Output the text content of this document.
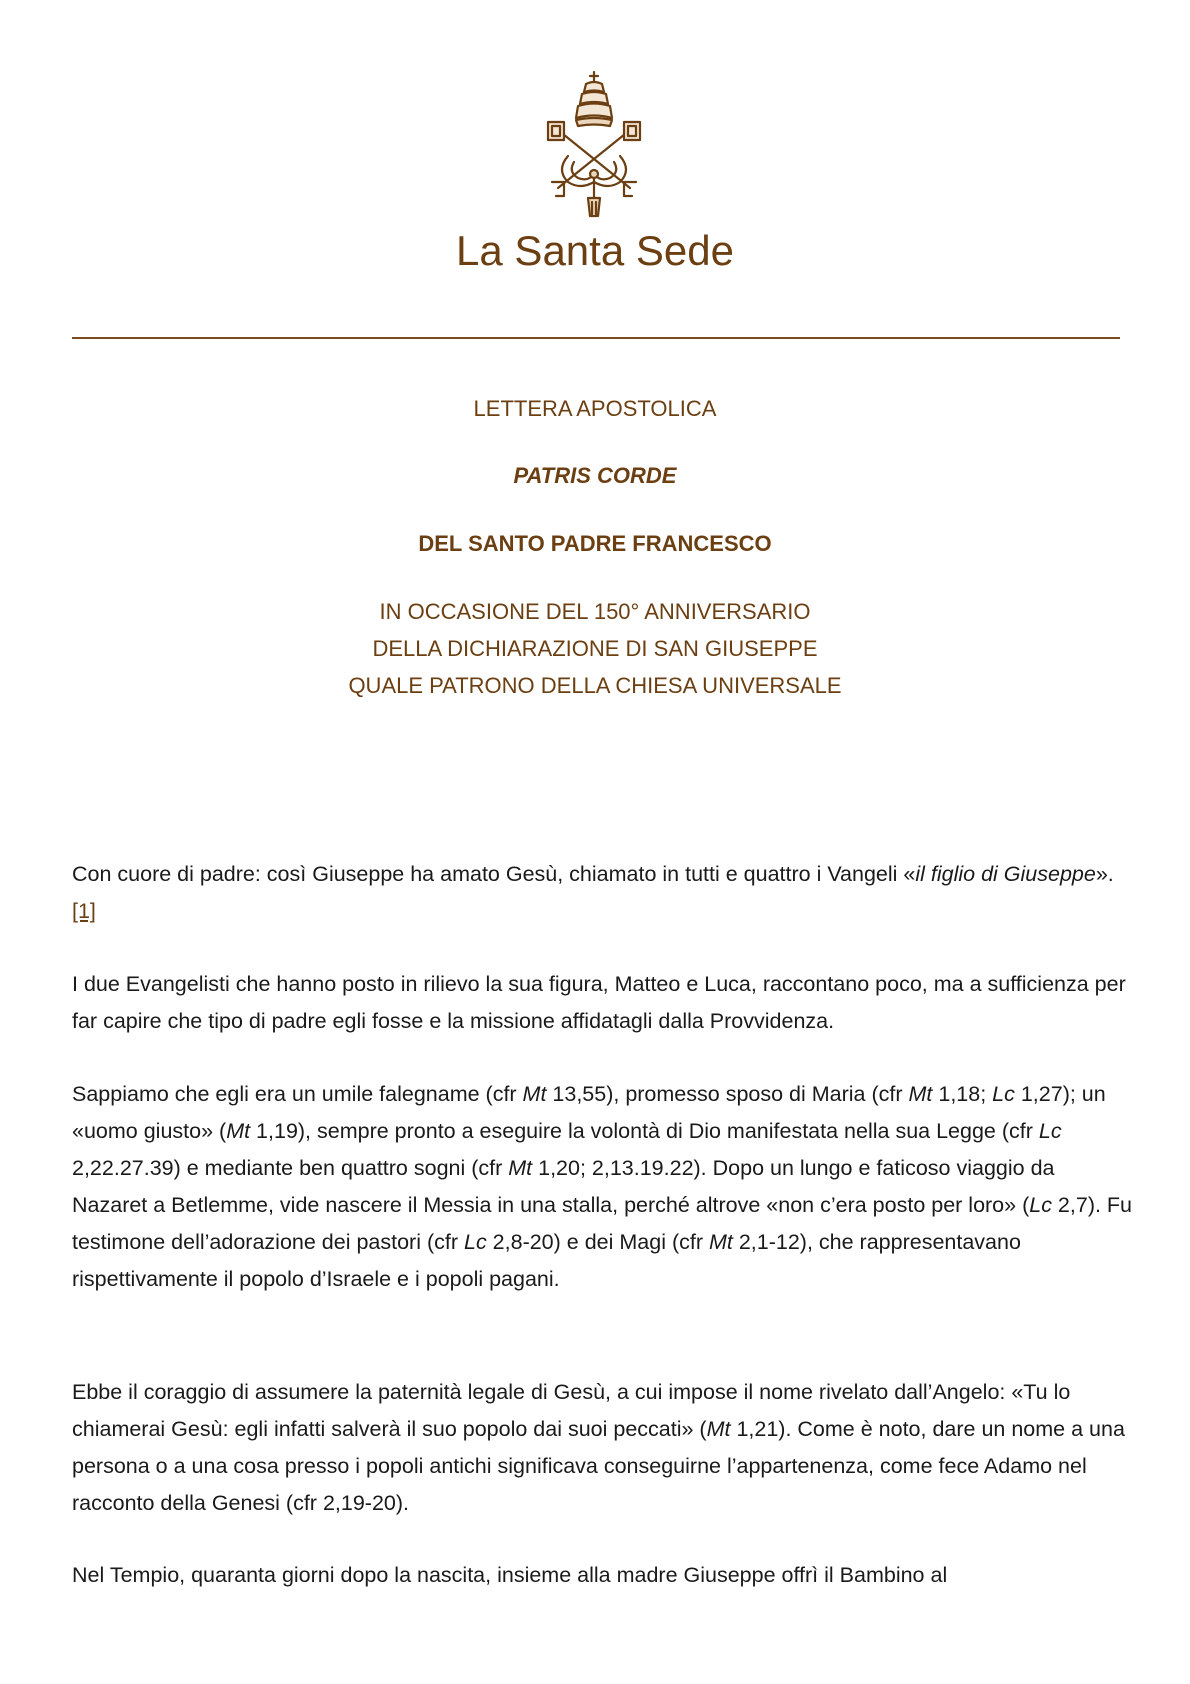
La Santa Sede

LETTERA APOSTOLICA

PATRIS CORDE

DEL SANTO PADRE FRANCESCO

IN OCCASIONE DEL 150° ANNIVERSARIO

DELLA DICHIARAZIONE DI SAN GIUSEPPE

QUALE PATRONO DELLA CHIESA UNIVERSALE

Con cuore di padre: così Giuseppe ha amato Gesù, chiamato in tutti e quattro i Vangeli «il figlio di Giuseppe».[1]

I due Evangelisti che hanno posto in rilievo la sua figura, Matteo e Luca, raccontano poco, ma a sufficienza per far capire che tipo di padre egli fosse e la missione affidatagli dalla Provvidenza.

Sappiamo che egli era un umile falegname (cfr Mt 13,55), promesso sposo di Maria (cfr Mt 1,18; Lc 1,27); un «uomo giusto» (Mt 1,19), sempre pronto a eseguire la volontà di Dio manifestata nella sua Legge (cfr Lc 2,22.27.39) e mediante ben quattro sogni (cfr Mt 1,20; 2,13.19.22). Dopo un lungo e faticoso viaggio da Nazaret a Betlemme, vide nascere il Messia in una stalla, perché altrove «non c’era posto per loro» (Lc 2,7). Fu testimone dell’adorazione dei pastori (cfr Lc 2,8-20) e dei Magi (cfr Mt 2,1-12), che rappresentavano rispettivamente il popolo d’Israele e i popoli pagani.

Ebbe il coraggio di assumere la paternità legale di Gesù, a cui impose il nome rivelato dall’Angelo: «Tu lo chiamerai Gesù: egli infatti salverà il suo popolo dai suoi peccati» (Mt 1,21). Come è noto, dare un nome a una persona o a una cosa presso i popoli antichi significava conseguirne l’appartenenza, come fece Adamo nel racconto della Genesi (cfr 2,19-20).

Nel Tempio, quaranta giorni dopo la nascita, insieme alla madre Giuseppe offrì il Bambino al
